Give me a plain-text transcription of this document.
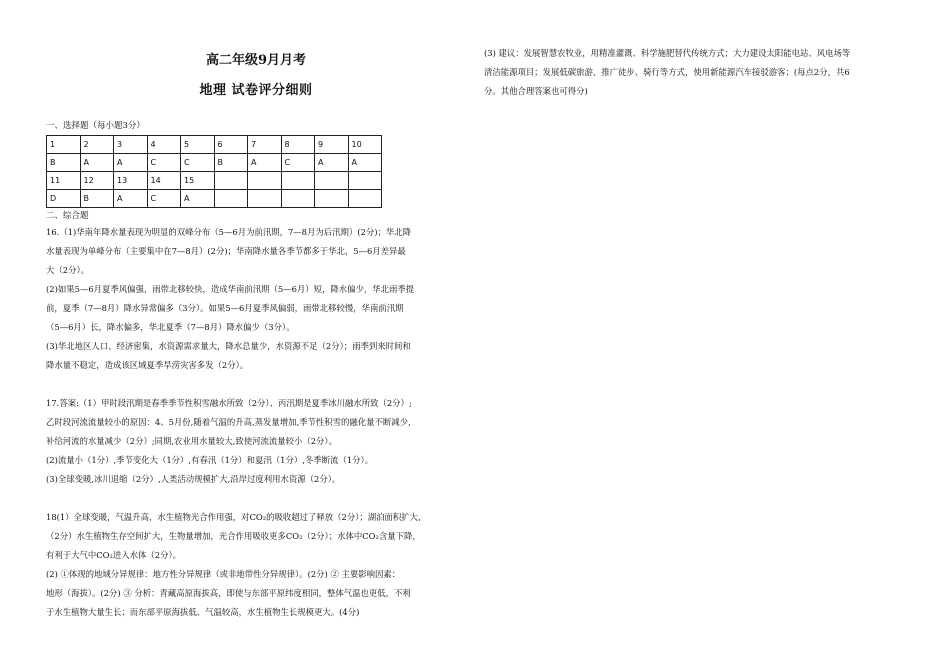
高二年级9月月考
地理 试卷评分细则
一、选择题（每小题3分）
1	2	3	4	5	6	7	8	9	10
B	A	A	C	C	B	A	C	A	A
11	12	13	14	15					
D	B	A	C	A					
二、综合题

16.（1)华南年降水量表现为明显的双峰分布（5—6月为前汛期，7—8月为后汛期）(2分)；华北降

水量表现为单峰分布（主要集中在7—8月）(2分)；华南降水量各季节都多于华北，5—6月差异最

大（2分）。

(2)如果5—6月夏季风偏强，雨带北移较快，造成华南前汛期（5—6月）短，降水偏少，华北雨季提

前，夏季（7—8月）降水异常偏多（3分）。如果5—6月夏季风偏弱，雨带北移较慢，华南前汛期

（5—6月）长，降水偏多，华北夏季（7—8月）降水偏少（3分）。

(3)华北地区人口、经济密集，水资源需求量大，降水总量少，水资源不足（2分）；雨季到来时间和

降水量不稳定，造成该区域夏季旱涝灾害多发（2分）。

17.答案:（1）甲时段汛期是春季季节性积雪融水所致（2分）、丙汛期是夏季冰川融水所致（2分）;

乙时段河流流量较小的原因：4、5月份,随着气温的升高,蒸发量增加,季节性积雪的融化量不断减少,

补给河流的水量减少（2分）;同期,农业用水量较大,致使河流流量较小（2分）。

(2)流量小（1分）,季节变化大（1分）,有春汛（1分）和夏汛（1分）,冬季断流（1分）。

(3)全球变暖,冰川退缩（2分）,人类活动规模扩大,沿岸过度利用水资源（2分）。

18(1）全球变暖，气温升高，水生植物光合作用强，对CO₂的吸收超过了释放（2分）；湖泊面积扩大，

（2分）水生植物生存空间扩大，生物量增加，光合作用吸收更多CO₂（2分）；水体中CO₂含量下降，

有利于大气中CO₂进入水体（2分）。

(2) ①体现的地域分异规律：地方性分异规律（或非地带性分异规律）。(2分) ② 主要影响因素：

地形（海拔）。(2分) ③ 分析：青藏高原海拔高，即使与东部平原纬度相同，整体气温也更低，不利

于水生植物大量生长；而东部平原海拔低、气温较高，水生植物生长规模更大。(4分)

(3) 建议：发展智慧农牧业，用精准灌溉、科学施肥替代传统方式；大力建设太阳能电站、风电场等

清洁能源项目；发展低碳旅游，推广徒步、骑行等方式，使用新能源汽车接驳游客；(每点2分，共6

分。其他合理答案也可得分)
